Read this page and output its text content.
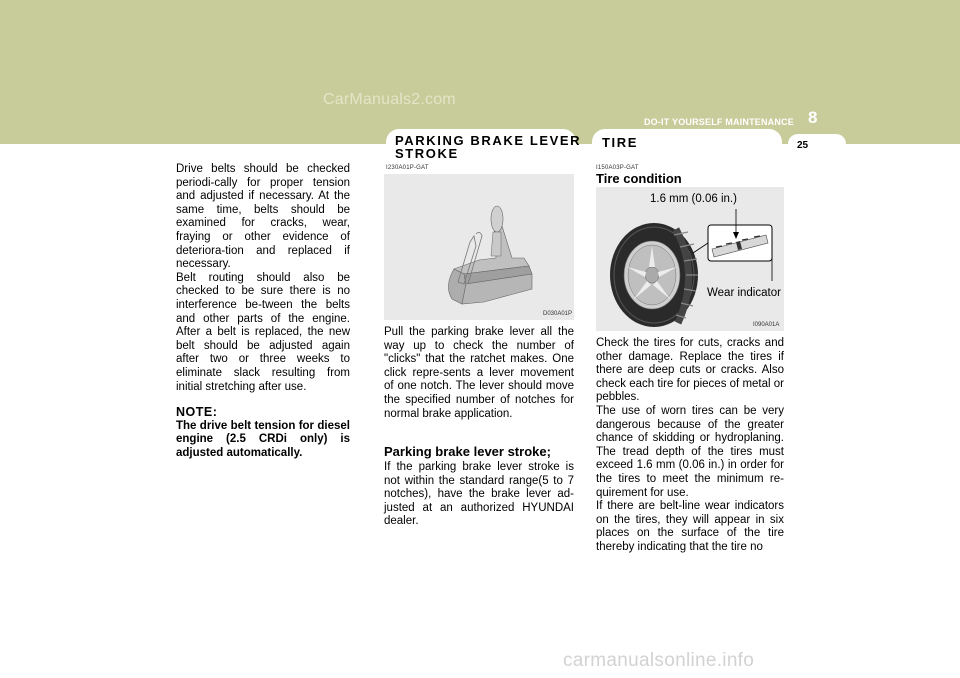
CarManuals2.com
DO-IT YOURSELF MAINTENANCE 8
25
PARKING BRAKE LEVER
STROKE
TIRE

Drive belts should be checked periodi-cally for proper tension and adjusted if necessary. At the same time, belts should be examined for cracks, wear, fraying or other evidence of deteriora-tion and replaced if necessary.

Belt routing should also be checked to be sure there is no interference be-tween the belts and other parts of the engine. After a belt is replaced, the new belt should be adjusted again after two or three weeks to eliminate slack resulting from initial stretching after use.

NOTE:

The drive belt tension for diesel engine (2.5 CRDi only) is adjusted automatically.

I230A01P-GAT
D030A01P

Pull the parking brake lever all the way up to check the number of "clicks" that the ratchet makes. One click repre-sents a lever movement of one notch. The lever should move the specified number of notches for normal brake application.

Parking brake lever stroke;

If the parking brake lever stroke is not within the standard range(5 to 7 notches), have the brake lever ad-justed at an authorized HYUNDAI dealer.

I150A03P-GAT
Tire condition
1.6 mm (0.06 in.)
Wear indicator
I090A01A

Check the tires for cuts, cracks and other damage. Replace the tires if there are deep cuts or cracks. Also check each tire for pieces of metal or pebbles.

The use of worn tires can be very dangerous because of the greater chance of skidding or hydroplaning. The tread depth of the tires must exceed 1.6 mm (0.06 in.) in order for the tires to meet the minimum re-quirement for use.

If there are belt-line wear indicators on the tires, they will appear in six places on the surface of the tire thereby indicating that the tire no

carmanualsonline.info
